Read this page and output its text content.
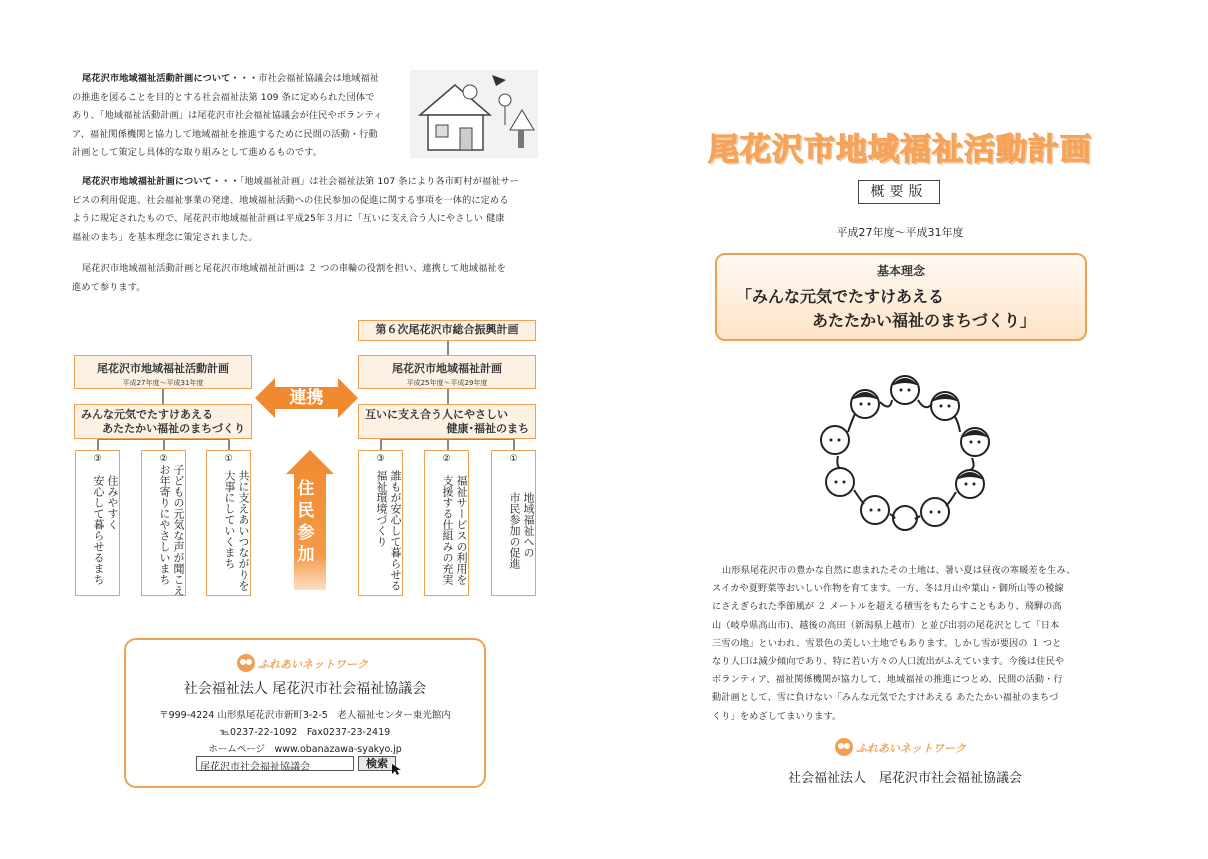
尾花沢市地域福祉活動計画について・・・市社会福祉協議会は地域福祉
の推進を図ることを目的とする社会福祉法第 109 条に定められた団体で
あり、「地域福祉活動計画」は尾花沢市社会福祉協議会が住民やボランティ
ア、福祉関係機関と協力して地域福祉を推進するために民間の活動・行動
計画として策定し具体的な取り組みとして進めるものです。
尾花沢市地域福祉計画について・・・「地域福祉計画」は社会福祉法第 107 条により各市町村が福祉サー
ビスの利用促進、社会福祉事業の発達、地域福祉活動への住民参加の促進に関する事項を一体的に定める
ように規定されたもので、尾花沢市地域福祉計画は平成25年３月に「互いに支え合う人にやさしい 健康
福祉のまち」を基本理念に策定されました。
尾花沢市地域福祉活動計画と尾花沢市地域福祉計画は ２ つの車輪の役割を担い、連携して地域福祉を
進めて参ります。
第６次尾花沢市総合振興計画
尾花沢市地域福祉活動計画
平成27年度〜平成31年度
尾花沢市地域福祉計画
平成25年度〜平成29年度
連携
みんな元気でたすけあえる
あたたかい福祉のまちづくり
互いに支え合う人にやさしい
健康･福祉のまち
③
住みやすく
安心して暮らせるまち
②
子どもの元気な声が聞こえ
お年寄りにやさしいまち
①
共に支えあいつながりを
大事にしていくまち	住民参加
③
誰もが安心して暮らせる
福祉環境づくり
②
福祉サービスの利用を
支援する仕組みの充実
①
地域福祉への
市民参加の促進
ふれあいネットワーク
社会福祉法人 尾花沢市社会福祉協議会
〒999-4224 山形県尾花沢市新町3-2-5　老人福祉センター東光館内
℡0237-22-1092　Fax0237-23-2419
ホームページ　www.obanazawa-syakyo.jp
尾花沢市社会福祉協議会	検索
尾花沢市地域福祉活動計画
概要版
平成27年度〜平成31年度
基本理念
「みんな元気でたすけあえる
あたたかい福祉のまちづくり」
山形県尾花沢市の豊かな自然に恵まれたその土地は、暑い夏は昼夜の寒暖差を生み、
スイカや夏野菜等おいしい作物を育てます。一方、冬は月山や葉山・御所山等の稜線
にさえぎられた季節風が ２ メートルを超える積雪をもたらすこともあり、飛騨の高
山（岐阜県高山市)、越後の高田（新潟県上越市）と並び出羽の尾花沢として「日本
三雪の地」といわれ、雪景色の美しい土地でもあります。しかし雪が要因の １ つと
なり人口は減少傾向であり、特に若い方々の人口流出がふえています。今後は住民や
ボランティア、福祉関係機関が協力して、地域福祉の推進につとめ、民間の活動・行
動計画として、雪に負けない「みんな元気でたすけあえる あたたかい福祉のまちづ
くり」をめざしてまいります。
ふれあいネットワーク
社会福祉法人　尾花沢市社会福祉協議会
